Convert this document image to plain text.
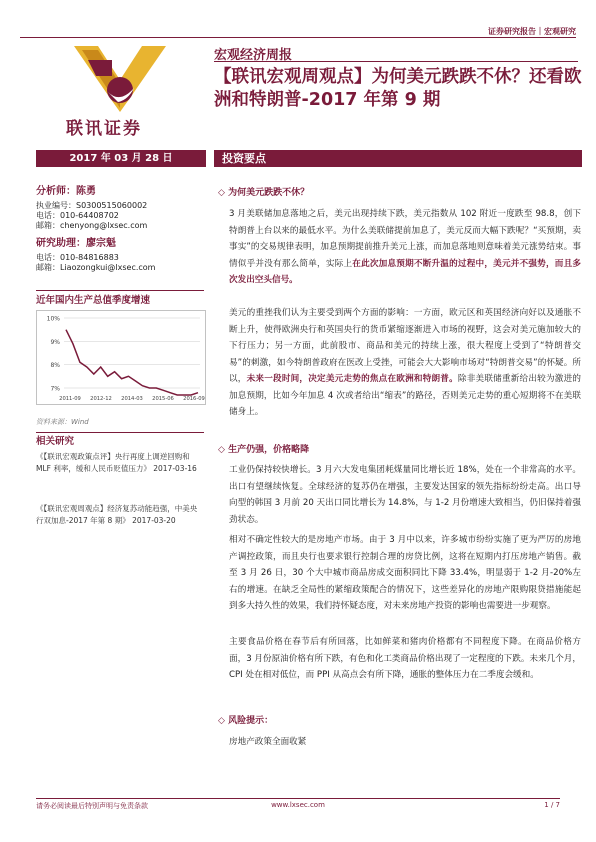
证券研究报告｜宏观研究
联讯证券
宏观经济周报
【联讯宏观周观点】为何美元跌跌不休？还看欧洲和特朗普-2017 年第 9 期
2017 年 03 月 28 日	投资要点
分析师：陈勇
执业编号：S0300515060002
电话：010-64408702
邮箱：chenyong@lxsec.com
研究助理：廖宗魁
电话：010-84816883
邮箱：Liaozongkui@lxsec.com
近年国内生产总值季度增速
7%
8%
9%
10%
2011-09 2012-12 2014-03 2015-06 2016-09
资料来源：Wind
相关研究
《【联讯宏观政策点评】央行再度上调逆回购和 MLF 利率，缓和人民币贬值压力》 2017-03-16
《【联讯宏观周观点】经济复苏动能趋强，中美央行双加息-2017 年第 8 期》 2017-03-20
◇ 为何美元跌跌不休？
3 月美联储加息落地之后，美元出现持续下跌，美元指数从 102 附近一度跌至 98.8，创下特朗普上台以来的最低水平。为什么美联储提前加息了，美元反而大幅下跌呢？“买预期，卖事实”的交易规律表明，加息预期提前推升美元上涨，而加息落地则意味着美元涨势结束。事情似乎并没有那么简单，实际上在此次加息预期不断升温的过程中，美元并不强势，而且多次发出空头信号。
美元的重挫我们认为主要受到两个方面的影响：一方面，欧元区和英国经济向好以及通胀不断上升，使得欧洲央行和英国央行的货币紧缩逐渐进入市场的视野，这会对美元施加较大的下行压力；另一方面，此前股市、商品和美元的持续上涨，很大程度上受到了“特朗普交易”的刺激，如今特朗普政府在医改上受挫，可能会大大影响市场对“特朗普交易”的怀疑。所以，未来一段时间，决定美元走势的焦点在欧洲和特朗普。除非美联储重新给出较为激进的加息预期，比如今年加息 4 次或者给出“缩表”的路径，否则美元走势的重心短期将不在美联储身上。
◇ 生产仍强，价格略降
工业仍保持较快增长。3 月六大发电集团耗煤量同比增长近 18%，处在一个非常高的水平。出口有望继续恢复。全球经济的复苏仍在增强，主要发达国家的领先指标纷纷走高。出口导向型的韩国 3 月前 20 天出口同比增长为 14.8%，与 1-2 月份增速大致相当，仍旧保持着强劲状态。
相对不确定性较大的是房地产市场。由于 3 月中以来，许多城市纷纷实施了更为严厉的房地产调控政策，而且央行也要求银行控制合理的房贷比例，这将在短期内打压房地产销售。截至 3 月 26 日，30 个大中城市商品房成交面积同比下降 33.4%，明显弱于 1-2 月-20%左右的增速。在缺乏全局性的紧缩政策配合的情况下，这些差异化的房地产限购限贷措施能起到多大持久性的效果，我们持怀疑态度，对未来房地产投资的影响也需要进一步观察。
主要食品价格在春节后有所回落，比如鲜菜和猪肉价格都有不同程度下降。在商品价格方面，3 月份原油价格有所下跌，有色和化工类商品价格出现了一定程度的下跌。未来几个月，CPI 处在相对低位，而 PPI 从高点会有所下降，通胀的整体压力在二季度会缓和。
◇ 风险提示：
房地产政策全面收紧
请务必阅读最后特别声明与免责条款	www.lxsec.com	1 / 7
